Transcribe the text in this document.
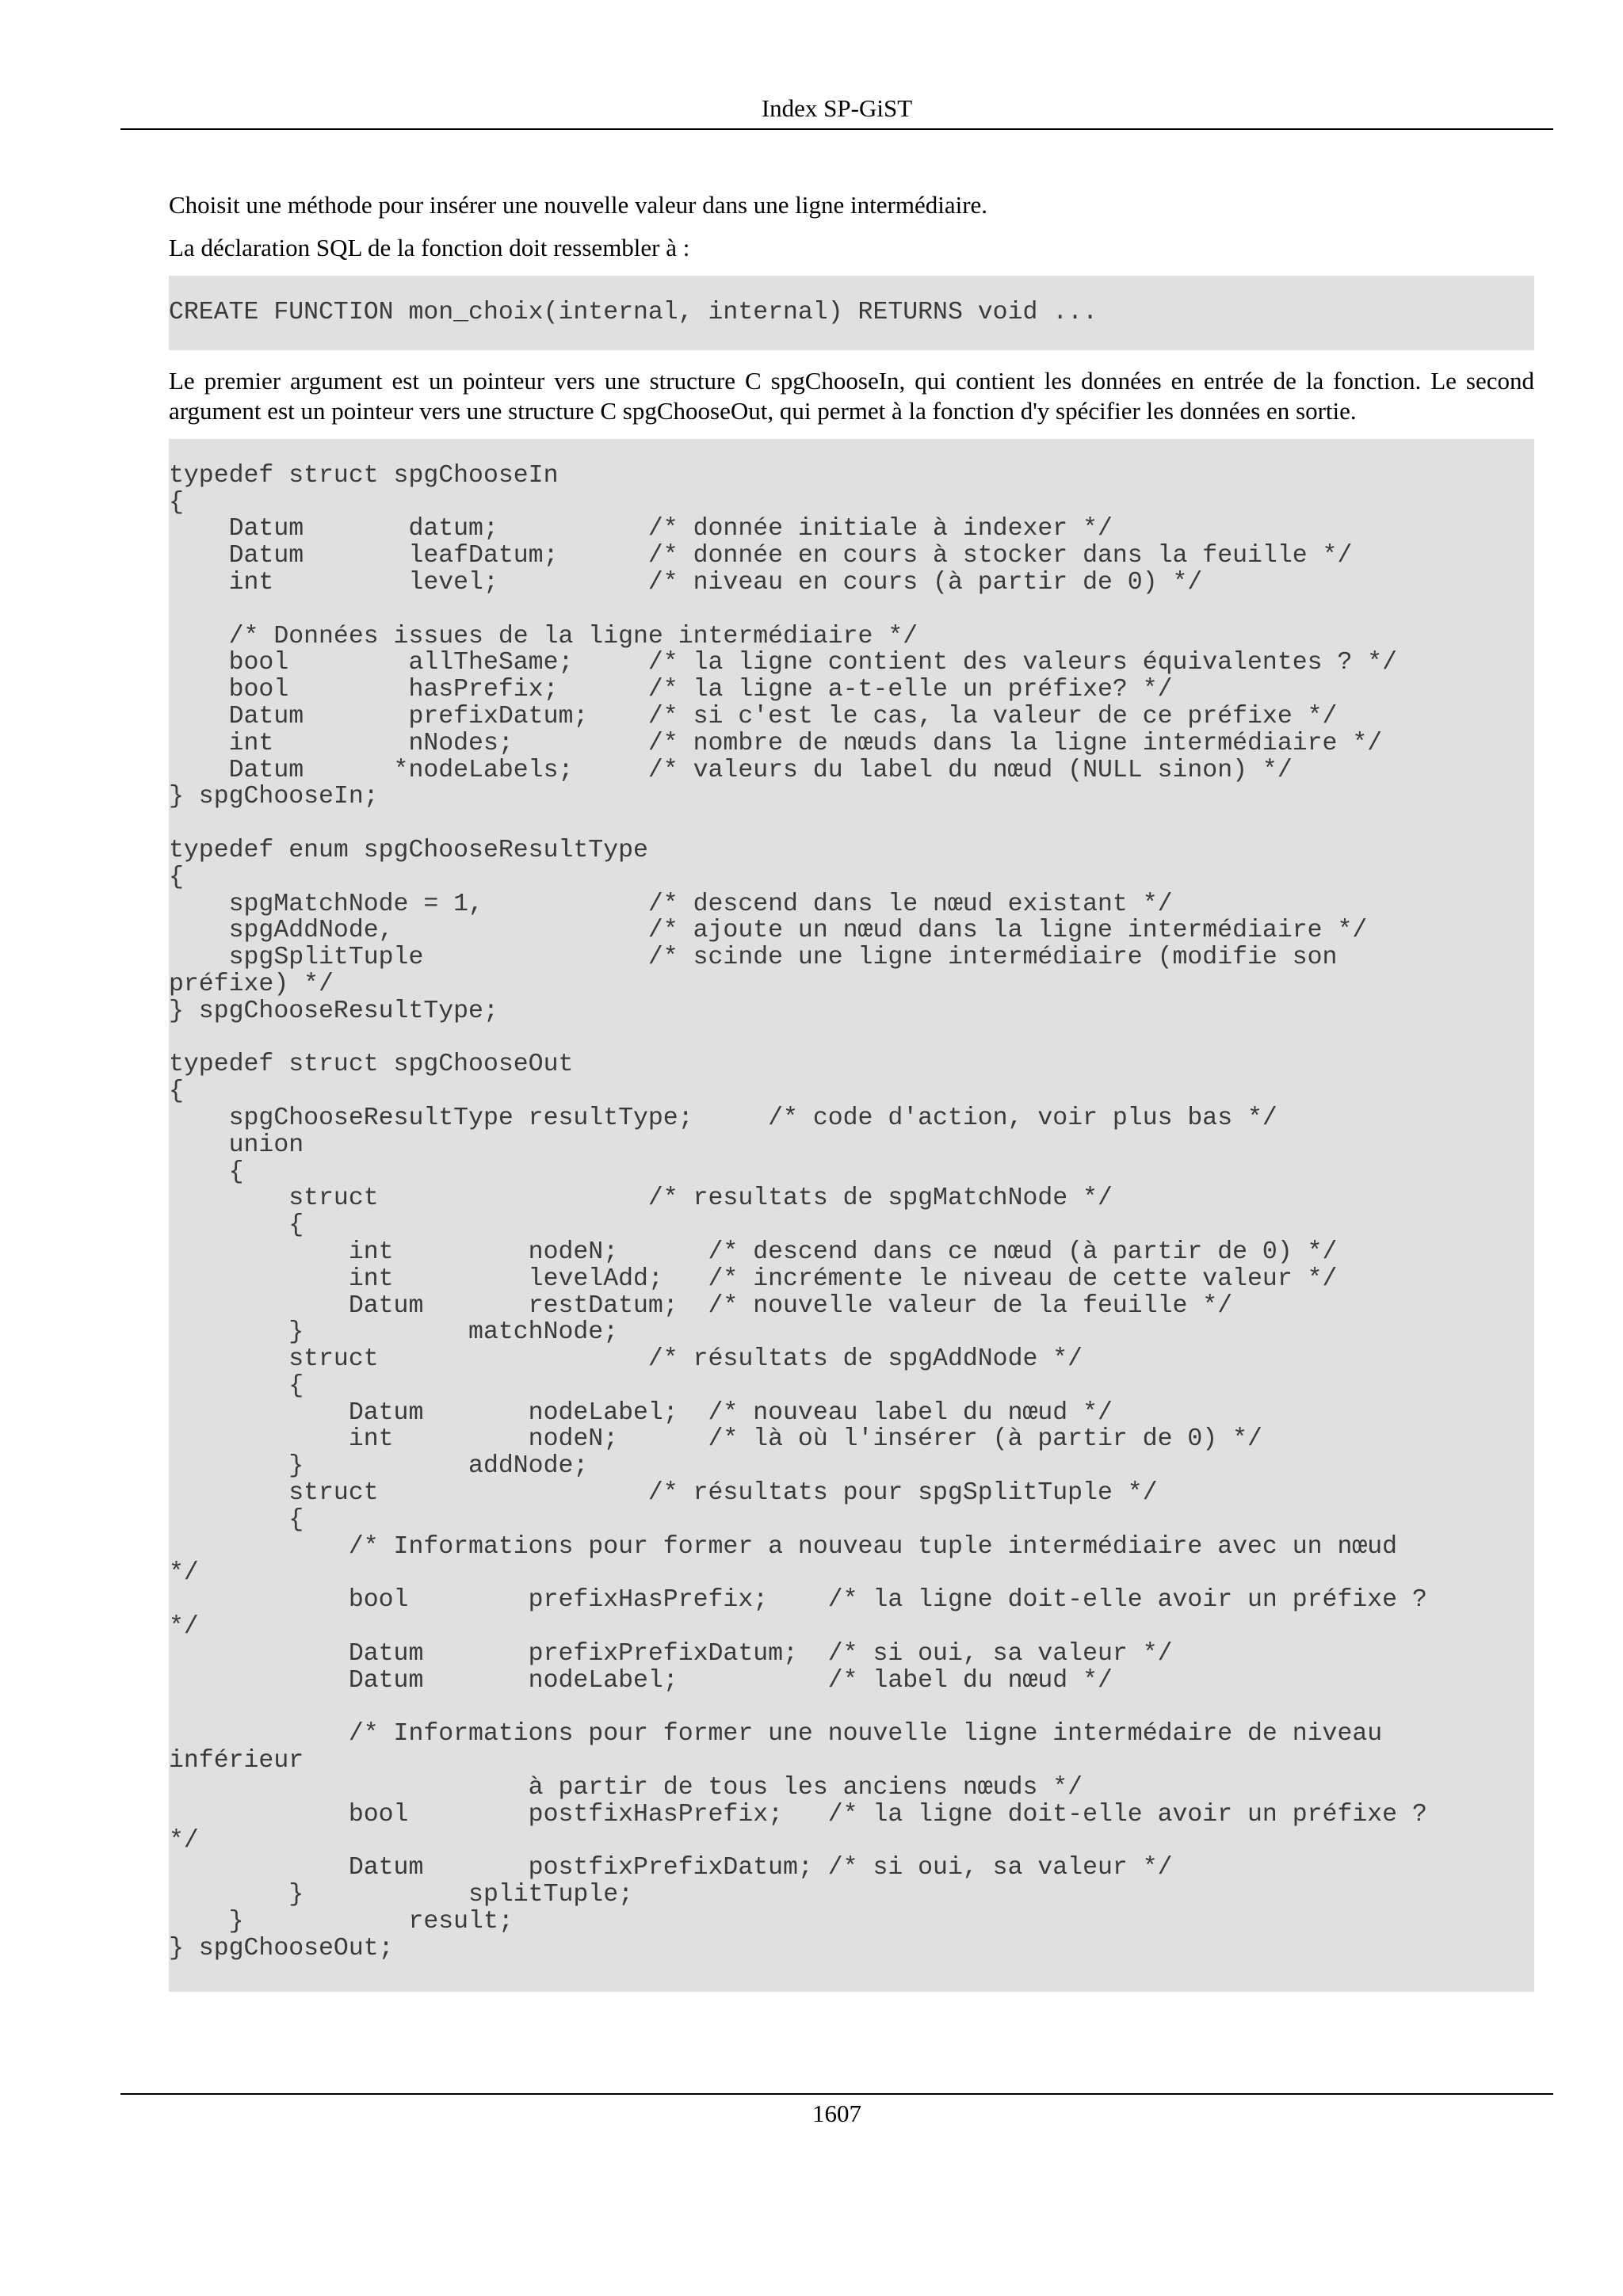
Index SP-GiST

Choisit une méthode pour insérer une nouvelle valeur dans une ligne intermédiaire.

La déclaration SQL de la fonction doit ressembler à :

CREATE FUNCTION mon_choix(internal, internal) RETURNS void ...

Le premier argument est un pointeur vers une structure C spgChooseIn, qui contient les données en entrée de la fonction. Le second argument est un pointeur vers une structure C spgChooseOut, qui permet à la fonction d'y spécifier les données en sortie.

typedef struct spgChooseIn
{
Datum       datum;          /* donnée initiale à indexer */
Datum       leafDatum;      /* donnée en cours à stocker dans la feuille */
int         level;          /* niveau en cours (à partir de 0) */

/* Données issues de la ligne intermédiaire */
bool        allTheSame;     /* la ligne contient des valeurs équivalentes ? */
bool        hasPrefix;      /* la ligne a-t-elle un préfixe? */
Datum       prefixDatum;    /* si c'est le cas, la valeur de ce préfixe */
int         nNodes;         /* nombre de nœuds dans la ligne intermédiaire */
Datum      *nodeLabels;     /* valeurs du label du nœud (NULL sinon) */
} spgChooseIn;

typedef enum spgChooseResultType
{
spgMatchNode = 1,           /* descend dans le nœud existant */
spgAddNode,                 /* ajoute un nœud dans la ligne intermédiaire */
spgSplitTuple               /* scinde une ligne intermédiaire (modifie son
préfixe) */
} spgChooseResultType;

typedef struct spgChooseOut
{
spgChooseResultType resultType;     /* code d'action, voir plus bas */
union
{
struct                  /* resultats de spgMatchNode */
{
int         nodeN;      /* descend dans ce nœud (à partir de 0) */
int         levelAdd;   /* incrémente le niveau de cette valeur */
Datum       restDatum;  /* nouvelle valeur de la feuille */
}           matchNode;
struct                  /* résultats de spgAddNode */
{
Datum       nodeLabel;  /* nouveau label du nœud */
int         nodeN;      /* là où l'insérer (à partir de 0) */
}           addNode;
struct                  /* résultats pour spgSplitTuple */
{
/* Informations pour former a nouveau tuple intermédiaire avec un nœud
*/
bool        prefixHasPrefix;    /* la ligne doit-elle avoir un préfixe ?
*/
Datum       prefixPrefixDatum;  /* si oui, sa valeur */
Datum       nodeLabel;          /* label du nœud */

/* Informations pour former une nouvelle ligne intermédaire de niveau
inférieur
à partir de tous les anciens nœuds */
bool        postfixHasPrefix;   /* la ligne doit-elle avoir un préfixe ?
*/
Datum       postfixPrefixDatum; /* si oui, sa valeur */
}           splitTuple;
}           result;
} spgChooseOut;
1607
